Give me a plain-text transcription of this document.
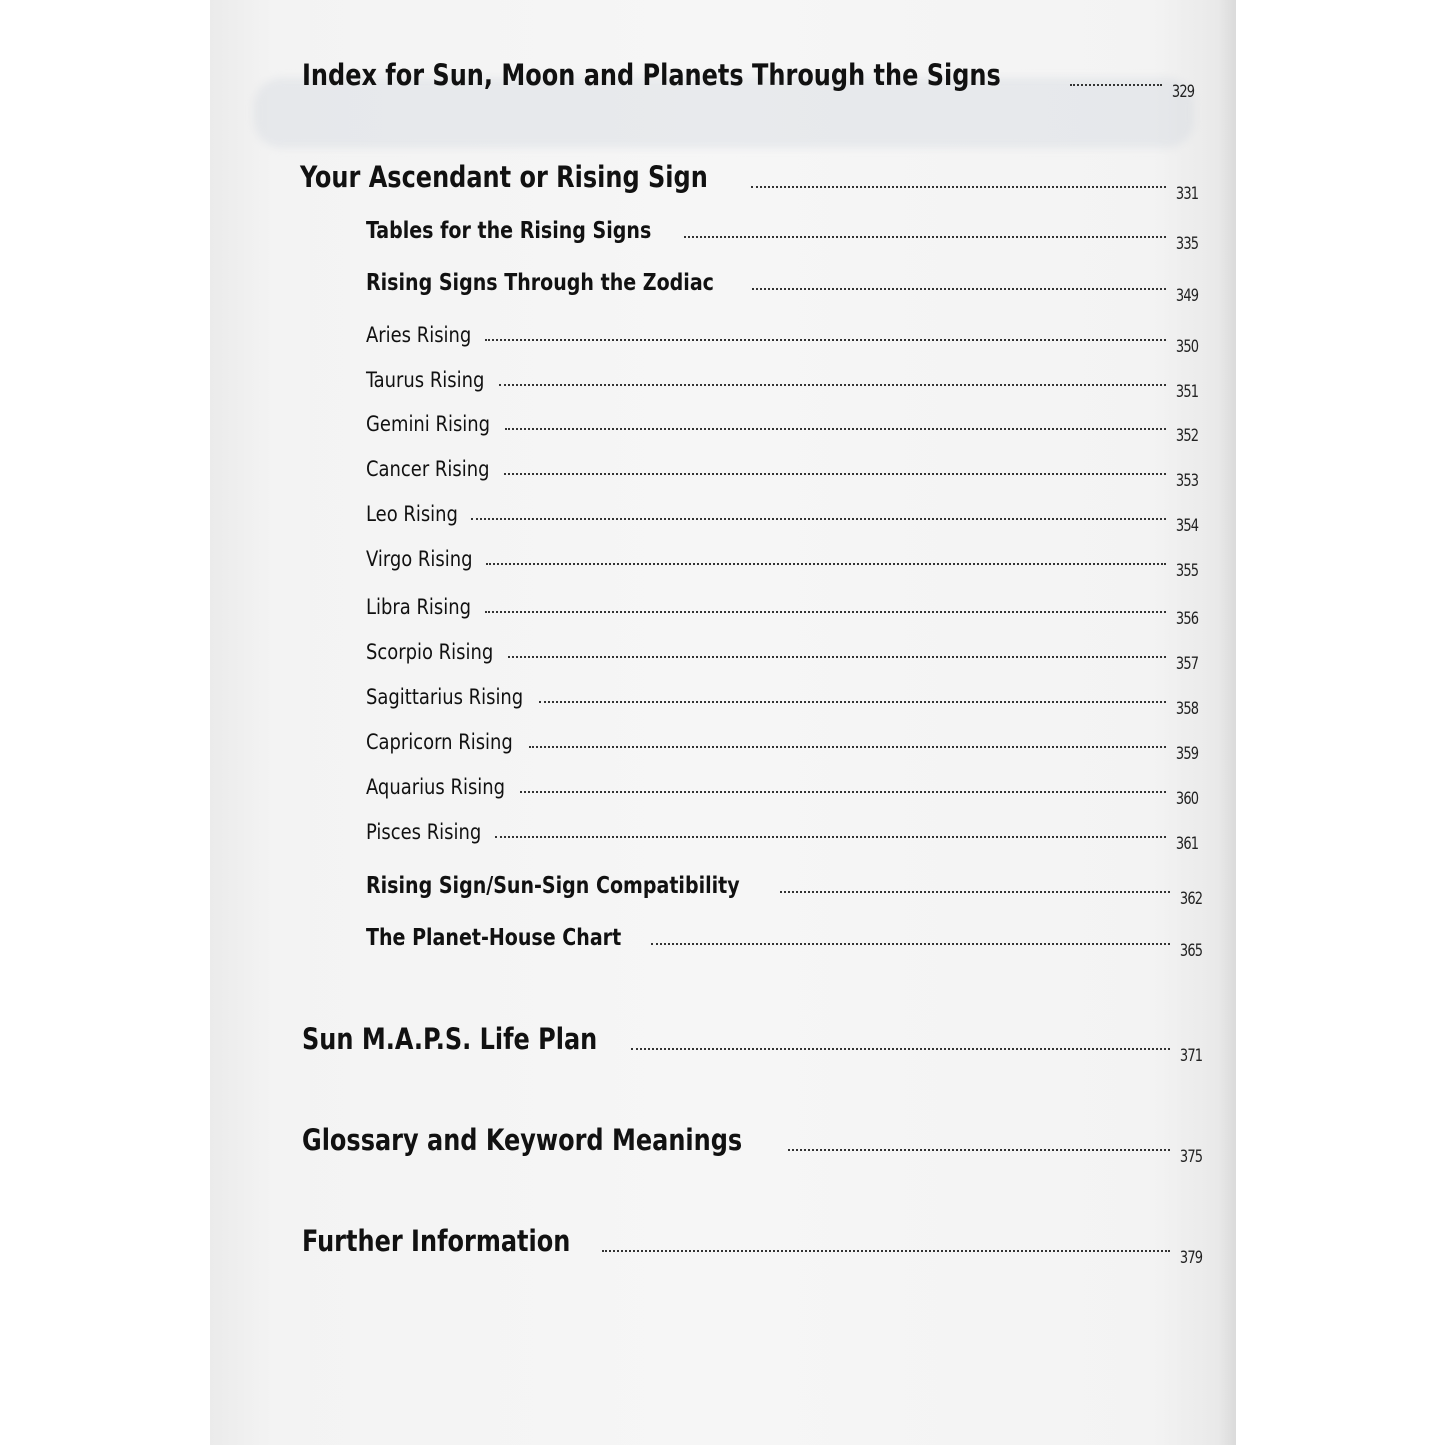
Index for Sun, Moon and Planets Through the Signs	329
Your Ascendant or Rising Sign	331
Tables for the Rising Signs	335
Rising Signs Through the Zodiac	349
Aries Rising	350
Taurus Rising	351
Gemini Rising	352
Cancer Rising	353
Leo Rising	354
Virgo Rising	355
Libra Rising	356
Scorpio Rising	357
Sagittarius Rising	358
Capricorn Rising	359
Aquarius Rising	360
Pisces Rising	361
Rising Sign/Sun-Sign Compatibility	362
The Planet-House Chart	365
Sun M.A.P.S. Life Plan	371
Glossary and Keyword Meanings	375
Further Information	379
